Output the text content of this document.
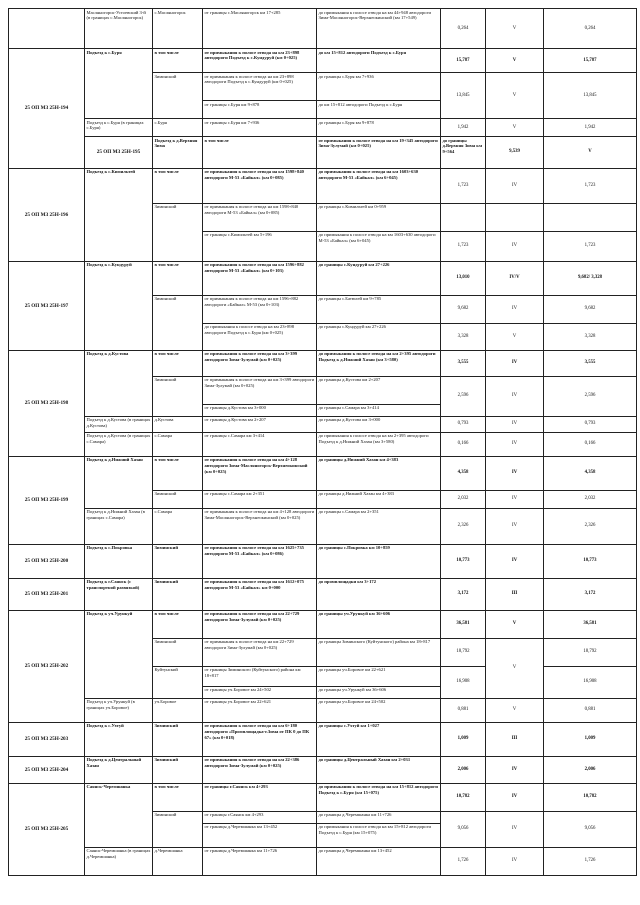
	Масляногорск-Устоевский 3-й (в границах с.Масляногорск)	с.Масляногорск	от границы с.Масляногорск км 17+285	до примыкания к полосе отвода на км 44+948 автодороги Зима-Масляногорск-Верхнеокинский (км 17+549)	0,264	V	0,264	
25 ОП МЗ 25Н-194	Подъезд к с.Буря	в том числе	от примыкания к полосе отвода на км 23+898 автодороги Подъезд к с.Кундуруй (км 0+025)	до км 15+812 автодороги Подъезд к с.Буря	15,787	V	15,787	
		Зиминский	от примыкания к полосе отвода на км 23+898 автодороги Подъезд к с.Кундуруй (км 0+025)	до границы с.Буря км 7+936	13,845	V	13,845	
			от границы с.Буря км 9+878	до км 15+812 автодороги Подъезд к с.Буря				
	Подъезд к с.Буря (в границах с.Буря)	с.Буря	от границы с.Буря км 7+936	до границы с.Буря км 9+878	1,942	V	1,942	
	25 ОП МЗ 25Н-195	Подъезд к д.Верхняя Зима	в том числе	от примыкания к полосе отвода на км 19+345 автодороги Зима-Зулумай (км 0+025)	до границы д.Верхняя Зима км 9+564	9,539	V	
25 ОП МЗ 25Н-196	Подъезд к с.Кимильтей	в том числе	от примыкания к полосе отвода на км 1598+840 автодороги М-53 «Байкал» (км 0+085)	до примыкания к полосе отвода на км 1603+630 автодороги М-53 «Байкал» (км 6+045)	1,723	IV	1,723	
		Зиминский	от примыкания к полосе отвода на км 1598+840 автодороги М-53 «Байкал» (км 0+085)	до границы с.Кимильтей км 0+959				
			от границы с.Кимильтей км 5+196	до примыкания к полосе отвода на км 1603+630 автодороги М-53 «Байкал» (км 6+045)	1,723	IV	1,723	
25 ОП МЗ 25Н-197	Подъезд к с.Кундуруй	в том числе	от примыкания к полосе отвода на км 1596+882 автодороги М-53 «Байкал» (км 0+103)	до границы с.Кундуруй км 27+226	13,010	IV/V	9,682/ 3,328	
		Зиминский	от примыкания к полосе отвода на км 1596+882 автодороги «Байкал» М-53 (км 0+103)	до границы с.Батюлей км 9+785	9,682	IV	9,682	
			до примыкания к полосе отвода на км 23+898 автодороги Подъезд к с.Буря (км 0+025)	до границы с.Кундуруй км 27+226	3,328	V	3,328	
25 ОП МЗ 25Н-198	Подъезд к д.Кустова	в том числе	от примыкания к полосе отвода на км 3+399 автодороги Зима-Зулумай (км 0+025)	до примыкания к полосе отвода на км 2+395 автодороги Подъезд к д.Нижний Хазан (км 3+580)	3,555	IV	3,555	
		Зиминский	от примыкания к полосе отвода на км 3+399 автодороги Зима-Зулумай (км 0+025)	до границы д.Кустова км 2+207	2,596	IV	2,596	
			от границы д.Кустова км 3+000	до границы с.Самара км 3+414				
	Подъезд к д.Кустова (в границах д.Кустова)	д.Кустова	от границы д.Кустова км 2+207	до границы д.Кустова км 3+000	0,793	IV	0,793	
	Подъезд к д.Кустова (в границах с.Самара)	с.Самара	от границы с.Самара км 3+414	до примыкания к полосе отвода на км 2+395 автодороги Подъезд к д.Нижний Хазан (км 3+580)	0,166	IV	0,166	
25 ОП МЗ 25Н-199	Подъезд к д.Нижний Хазан	в том числе	от примыкания к полосе отвода на км 4+128 автодороги Зима-Масляногорск-Верхнеокинский (км 0+025)	до границы д.Нижний Хазан км 4+383	4,358	IV	4,358	
		Зиминский	от границы с.Самара км 2+351	до границы д.Нижний Хазан км 4+383	2,032	IV	2,032	
	Подъезд к д.Нижний Хазан (в границах с.Самара)	с.Самара	от примыкания к полосе отвода на км 4+128 автодороги Зима-Масляногорск-Верхнеокинский (км 0+025)	до границы с.Самара км 2+351	2,326	IV	2,326	
25 ОП МЗ 25Н-200	Подъезд к с.Покровка	Зиминский	от примыкания к полосе отвода на км 1625+735 автодороги М-53 «Байкал» (км 0+086)	до границы с.Покровка км 10+859	10,773	IV	10,773	
25 ОП МЗ 25Н-201	Подъезд к г.Саянск (с транспортной развязкой)	Зиминский	от примыкания к полосе отвода на км 1612+075 автодороги М-53 «Байкал» км 0+000	до промплощадки км 3+172	3,172	III	3,172	
25 ОП МЗ 25Н-202	Подъезд к уч.Урункуй	в том числе	от примыкания к полосе отвода на км 22+729 автодороги Зима-Зулумай (км 0+025)	до границы уч.Урункуй км 36+606	36,581	V	36,581	
		Зиминский	от примыкания к полосе отвода на км 22+729 автодороги Зима-Зулумай (км 0+025)	до границы Зиминского (Куйтунского) района км 18+817	18,792	V	18,792	
		Куйтунский	от границы Зиминского (Куйтунского) района км 18+817	до границы уч.Боровое км 22+621	16,908		16,908	
			от границы уч.Боровое км 24+502	до границы уч.Урункуй км 36+606				
	Подъезд к уч.Урункуй (в границах уч.Боровое)	уч.Боровое	от границы уч.Боровое км 22+621	до границы уч.Боровое км 24+502	0,881	V	0,881	
25 ОП МЗ 25Н-203	Подъезд к с.Ухтуй	Зиминский	от примыкания к полосе отвода на км 6+180 автодороги «Промплощадка-г.Зима от ПК 0 до ПК 67» (км 0+018)	до границы с.Ухтуй км 1+027	1,009	III	1,009	
25 ОП МЗ 25Н-204	Подъезд к д.Центральный Хазан	Зиминский	от примыкания к полосе отвода на км 22+386 автодороги Зима-Зулумай (км 0+025)	до границы д.Центральный Хазан км 2+031	2,006	IV	2,006	
25 ОП МЗ 25Н-205	Саянск-Черемшанка	в том числе	от границы г.Саянск км 4+293	до примыкания к полосе отвода на км 15+812 автодороги Подъезд к с.Буря (км 15+075)	10,782	IV	10,782	
		Зиминский	от границы г.Саянск км 4+293	до границы д.Черемшанка км 11+726	9,056	IV	9,056	
			от границы д.Черемшанка км 13+452	до примыкания к полосе отвода на км 15+812 автодороги Подъезд к с.Буря (км 15+075)				
	Саянск-Черемшанка (в границах д.Черемшанка)	д.Черемшанка	от границы д.Черемшанка км 11+726	до границы д.Черемшанка км 13+452	1,726	IV	1,726	
